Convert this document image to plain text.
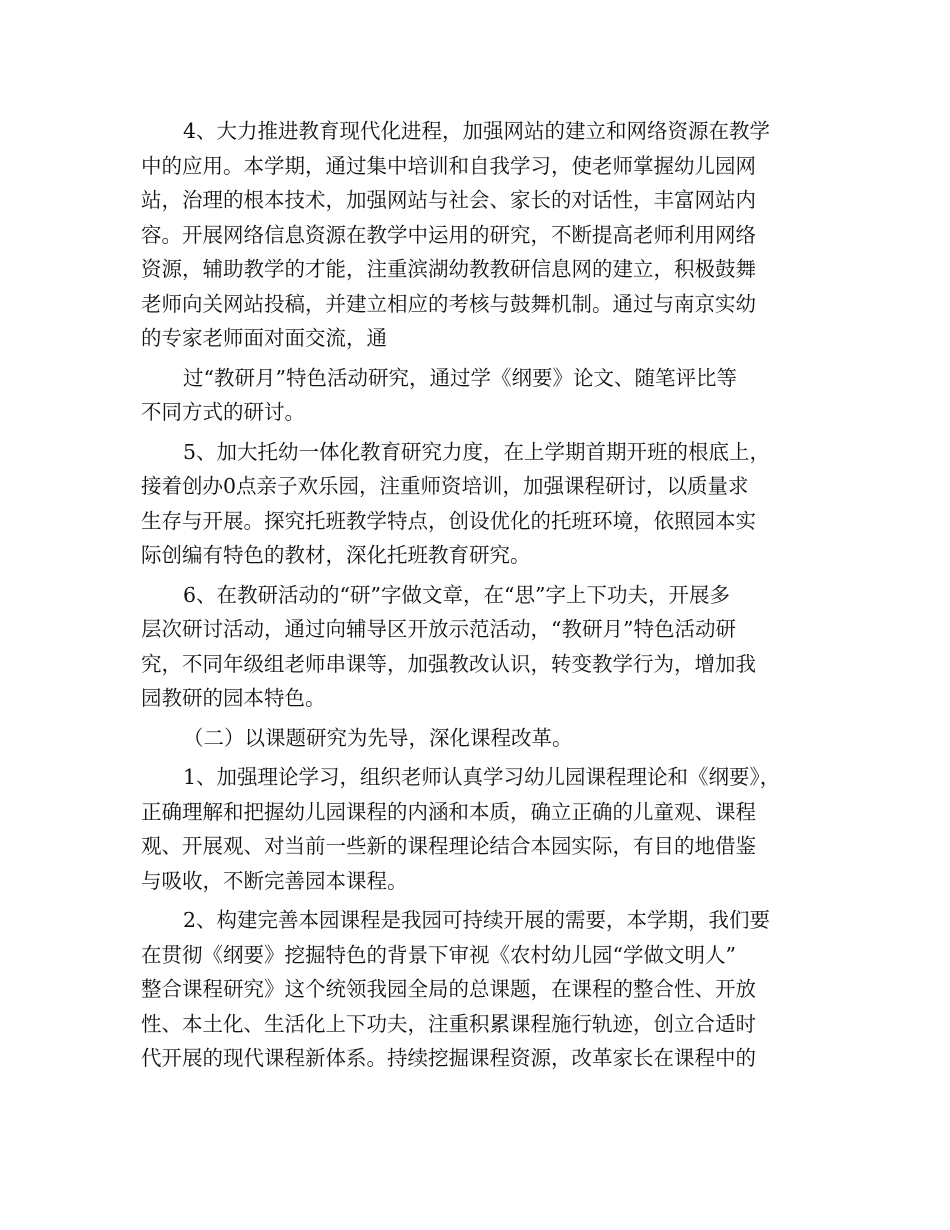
4、大力推进教育现代化进程，加强网站的建立和网络资源在教学
中的应用。本学期，通过集中培训和自我学习，使老师掌握幼儿园网
站，治理的根本技术，加强网站与社会、家长的对话性，丰富网站内
容。开展网络信息资源在教学中运用的研究，不断提高老师利用网络
资源，辅助教学的才能，注重滨湖幼教教研信息网的建立，积极鼓舞
老师向关网站投稿，并建立相应的考核与鼓舞机制。通过与南京实幼
的专家老师面对面交流，通
过“教研月”特色活动研究，通过学《纲要》论文、随笔评比等
不同方式的研讨。
5、加大托幼一体化教育研究力度，在上学期首期开班的根底上，
接着创办0点亲子欢乐园，注重师资培训，加强课程研讨，以质量求
生存与开展。探究托班教学特点，创设优化的托班环境，依照园本实
际创编有特色的教材，深化托班教育研究。
6、在教研活动的“研”字做文章，在“思”字上下功夫，开展多
层次研讨活动，通过向辅导区开放示范活动，“教研月”特色活动研
究，不同年级组老师串课等，加强教改认识，转变教学行为，增加我
园教研的园本特色。
（二）以课题研究为先导，深化课程改革。
1、加强理论学习，组织老师认真学习幼儿园课程理论和《纲要》，
正确理解和把握幼儿园课程的内涵和本质，确立正确的儿童观、课程
观、开展观、对当前一些新的课程理论结合本园实际，有目的地借鉴
与吸收，不断完善园本课程。
2、构建完善本园课程是我园可持续开展的需要，本学期，我们要
在贯彻《纲要》挖掘特色的背景下审视《农村幼儿园“学做文明人”
整合课程研究》这个统领我园全局的总课题，在课程的整合性、开放
性、本土化、生活化上下功夫，注重积累课程施行轨迹，创立合适时
代开展的现代课程新体系。持续挖掘课程资源，改革家长在课程中的
